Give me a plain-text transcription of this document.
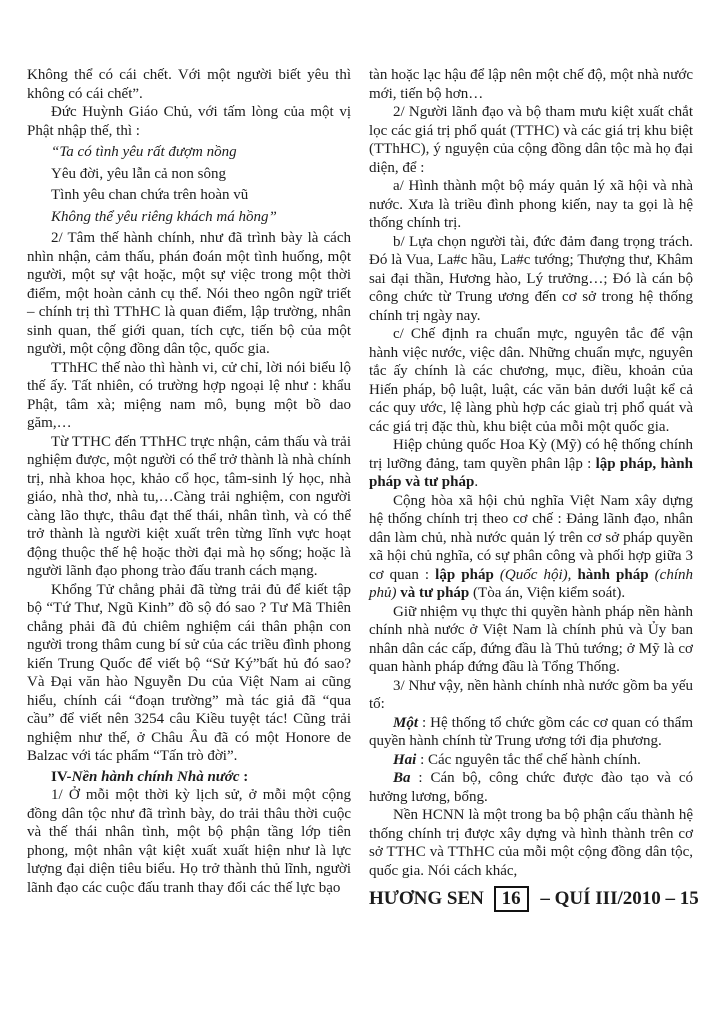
Không thể có cái chết. Với một người biết yêu thì không có cái chết”.

Đức Huỳnh Giáo Chủ, với tấm lòng của một vị Phật nhập thế, thì :

“Ta có tình yêu rất đượm nồng

Yêu đời, yêu lẫn cả non sông

Tình yêu chan chứa trên hoàn vũ

Không thể yêu riêng khách má hồng”

2/ Tâm thế hành chính, như đã trình bày là cách nhìn nhận, cảm thấu, phán đoán một tình huống, một người, một sự vật hoặc, một sự việc trong một thời điểm, một hoàn cảnh cụ thể. Nói theo ngôn ngữ triết – chính trị thì TThHC là quan điểm, lập trường, nhân sinh quan, thế giới quan, tích cực, tiến bộ của một người, một cộng đồng dân tộc, quốc gia.

TThHC thế nào thì hành vi, cử chỉ, lời nói biểu lộ thế ấy. Tất nhiên, có trường hợp ngoại lệ như : khẩu Phật, tâm xà; miệng nam mô, bụng một bồ dao găm,…

Từ TTHC đến TThHC trực nhận, cảm thấu và trải nghiệm được, một người có thể trở thành là nhà chính trị, nhà khoa học, khảo cổ học, tâm-sinh lý học, nhà giáo, nhà thơ, nhà tu,…Càng trải nghiệm, con người càng lão thực, thâu đạt thế thái, nhân tình, và có thể trở thành là người kiệt xuất trên từng lĩnh vực hoạt động thuộc thế hệ hoặc thời đại mà họ sống; hoặc là người lãnh đạo phong trào đấu tranh cách mạng.

Khổng Tử chẳng phải đã từng trải đủ để kiết tập bộ “Tứ Thư, Ngũ Kinh” đồ sộ đó sao ? Tư Mã Thiên chẳng phải đã đủ chiêm nghiệm cái thân phận con người trong thâm cung bí sử của các triều đình phong kiến Trung Quốc để viết bộ “Sử Ký”bất hủ đó sao? Và Đại văn hào Nguyễn Du của Việt Nam ai cũng hiểu, chính cái “đoạn trường” mà tác giả đã “qua cầu” để viết nên 3254 câu Kiều tuyệt tác! Cũng trải nghiệm như thế, ở Châu Âu đã có một Honore de Balzac với tác phẩm “Tấn trò đời”.

IV-Nền hành chính Nhà nước :

1/ Ở mỗi một thời kỳ lịch sử, ở mỗi một cộng đồng dân tộc như đã trình bày, do trải thâu thời cuộc và thế thái nhân tình, một bộ phận tầng lớp tiên phong, một nhân vật kiệt xuất xuất hiện như là lực lượng đại diện tiêu biểu. Họ trở thành thủ lĩnh, người lãnh đạo các cuộc đấu tranh thay đổi các thế lực bạo

tàn hoặc lạc hậu để lập nên một chế độ, một nhà nước mới, tiến bộ hơn…

2/ Người lãnh đạo và bộ tham mưu kiệt xuất chắt lọc các giá trị phổ quát (TTHC) và các giá trị khu biệt (TThHC), ý nguyện của cộng đồng dân tộc mà họ đại diện, để :

a/ Hình thành một bộ máy quản lý xã hội và nhà nước. Xưa là triều đình phong kiến, nay ta gọi là hệ thống chính trị.

b/ Lựa chọn người tài, đức đảm đang trọng trách. Đó là Vua, La#c hầu, La#c tướng; Thượng thư, Khâm sai đại thần, Hương hào, Lý trưởng…; Đó là cán bộ công chức từ Trung ương đến cơ sở trong hệ thống chính trị ngày nay.

c/ Chế định ra chuẩn mực, nguyên tắc để vận hành việc nước, việc dân. Những chuẩn mực, nguyên tắc ấy chính là các chương, mục, điều, khoản của Hiến pháp, bộ luật, luật, các văn bản dưới luật kể cả các quy ước, lệ làng phù hợp các giaù trị phổ quát và các giá trị đặc thù, khu biệt của mỗi một quốc gia.

Hiệp chủng quốc Hoa Kỳ (Mỹ) có hệ thống chính trị lưỡng đảng, tam quyền phân lập : lập pháp, hành pháp và tư pháp.

Cộng hòa xã hội chủ nghĩa Việt Nam xây dựng hệ thống chính trị theo cơ chế : Đảng lãnh đạo, nhân dân làm chủ, nhà nước quản lý trên cơ sở pháp quyền xã hội chủ nghĩa, có sự phân công và phối hợp giữa 3 cơ quan : lập pháp (Quốc hội), hành pháp (chính phủ) và tư pháp (Tòa án, Viện kiểm soát).

Giữ nhiệm vụ thực thi quyền hành pháp nền hành chính nhà nước ở Việt Nam là chính phủ và Ủy ban nhân dân các cấp, đứng đầu là Thủ tướng; ở Mỹ là cơ quan hành pháp đứng đầu là Tổng Thống.

3/ Như vậy, nền hành chính nhà nước gồm ba yếu tố:

Một : Hệ thống tổ chức gồm các cơ quan có thẩm quyền hành chính từ Trung ương tới địa phương.

Hai : Các nguyên tắc thể chế hành chính.

Ba : Cán bộ, công chức được đào tạo và có hưởng lương, bổng.

Nền HCNN là một trong ba bộ phận cấu thành hệ thống chính trị được xây dựng và hình thành trên cơ sở TTHC và TThHC của mỗi một cộng đồng dân tộc, quốc gia. Nói cách khác,

HƯƠNG SEN 16 – QUÍ III/2010 – 15
